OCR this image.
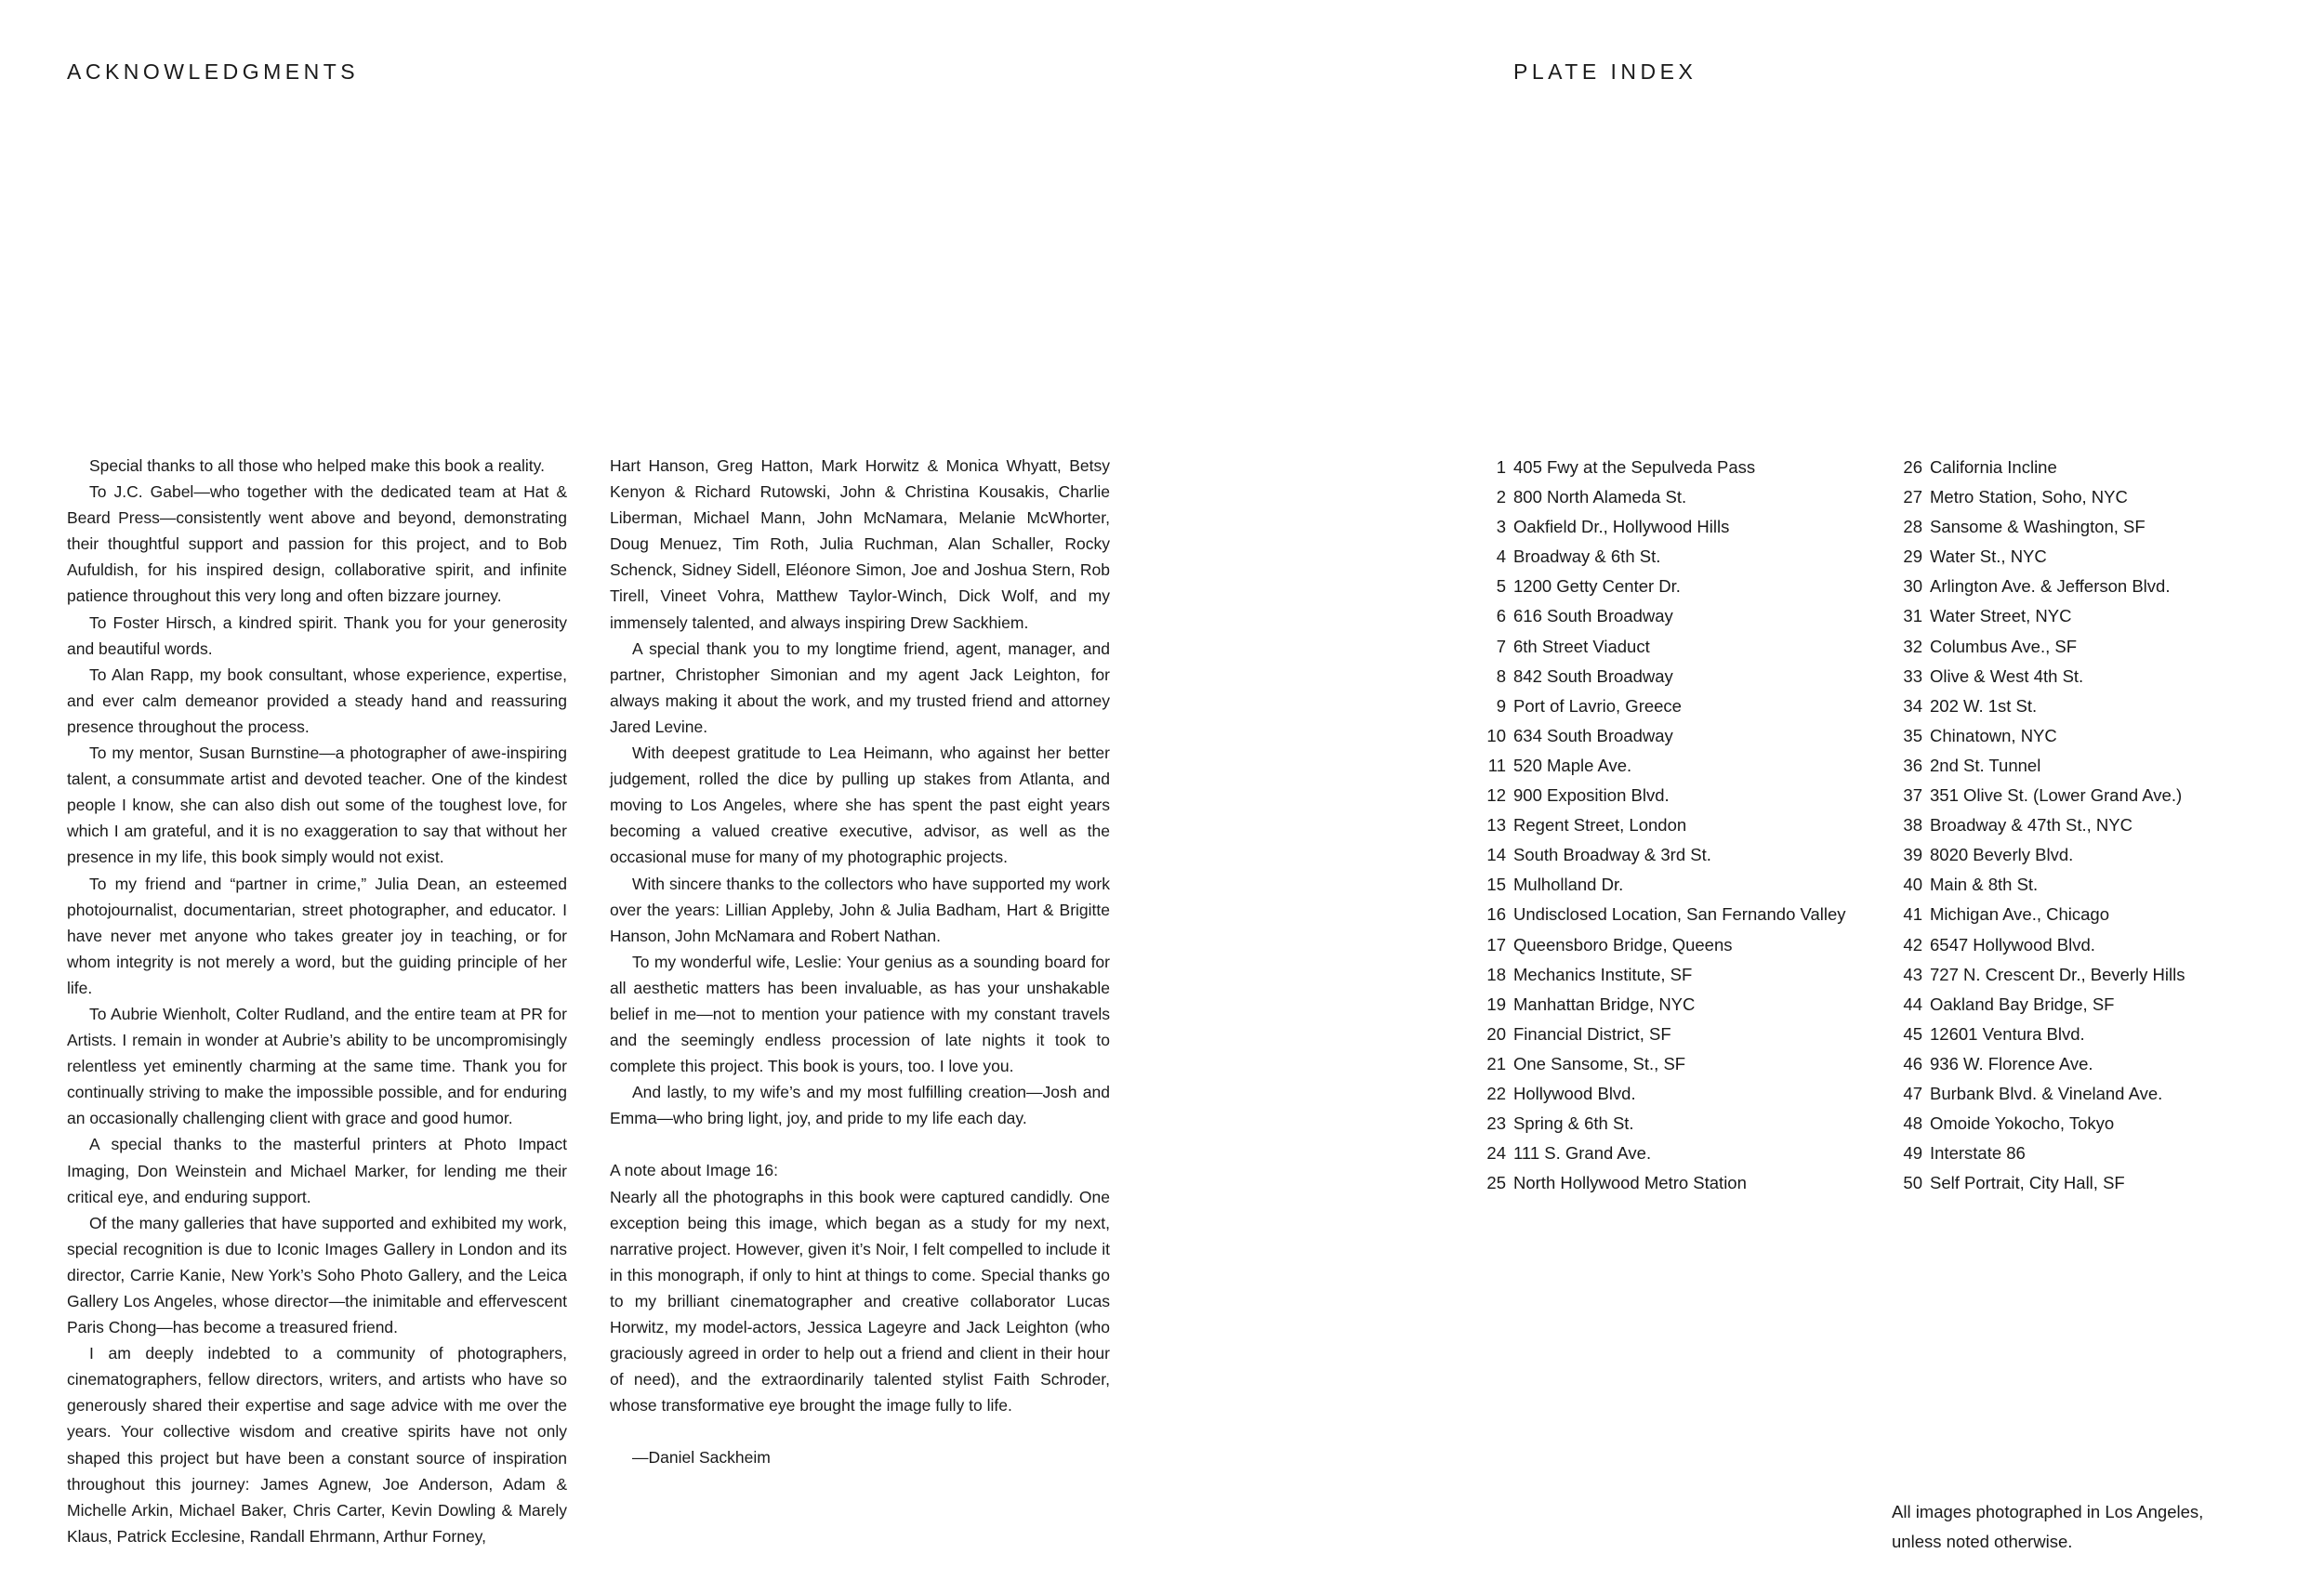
ACKNOWLEDGMENTS	PLATE INDEX

Special thanks to all those who helped make this book a reality.

To J.C. Gabel—who together with the dedicated team at Hat & Beard Press—consistently went above and beyond, demonstrating their thoughtful support and passion for this project, and to Bob Aufuldish, for his inspired design, collaborative spirit, and infinite patience throughout this very long and often bizzare journey.

To Foster Hirsch, a kindred spirit. Thank you for your generosity and beautiful words.

To Alan Rapp, my book consultant, whose experience, expertise, and ever calm demeanor provided a steady hand and reassuring presence throughout the process.

To my mentor, Susan Burnstine—a photographer of awe-inspiring talent, a consummate artist and devoted teacher. One of the kindest people I know, she can also dish out some of the toughest love, for which I am grateful, and it is no exaggeration to say that without her presence in my life, this book simply would not exist.

To my friend and “partner in crime,” Julia Dean, an esteemed photojournalist, documentarian, street photographer, and educator. I have never met anyone who takes greater joy in teaching, or for whom integrity is not merely a word, but the guiding principle of her life.

To Aubrie Wienholt, Colter Rudland, and the entire team at PR for Artists. I remain in wonder at Aubrie’s ability to be uncompromisingly relentless yet eminently charming at the same time. Thank you for continually striving to make the impossible possible, and for enduring an occasionally challenging client with grace and good humor.

A special thanks to the masterful printers at Photo Impact Imaging, Don Weinstein and Michael Marker, for lending me their critical eye, and enduring support.

Of the many galleries that have supported and exhibited my work, special recognition is due to Iconic Images Gallery in London and its director, Carrie Kanie, New York’s Soho Photo Gallery, and the Leica Gallery Los Angeles, whose director—the inimitable and effervescent Paris Chong—has become a treasured friend.

I am deeply indebted to a community of photographers, cinematographers, fellow directors, writers, and artists who have so generously shared their expertise and sage advice with me over the years. Your collective wisdom and creative spirits have not only shaped this project but have been a constant source of inspiration throughout this journey: James Agnew, Joe Anderson, Adam & Michelle Arkin, Michael Baker, Chris Carter, Kevin Dowling & Marely Klaus, Patrick Ecclesine, Randall Ehrmann, Arthur Forney,

Hart Hanson, Greg Hatton, Mark Horwitz & Monica Whyatt, Betsy Kenyon & Richard Rutowski, John & Christina Kousakis, Charlie Liberman, Michael Mann, John McNamara, Melanie McWhorter, Doug Menuez, Tim Roth, Julia Ruchman, Alan Schaller, Rocky Schenck, Sidney Sidell, Eléonore Simon, Joe and Joshua Stern, Rob Tirell, Vineet Vohra, Matthew Taylor-Winch, Dick Wolf, and my immensely talented, and always inspiring Drew Sackhiem.

A special thank you to my longtime friend, agent, manager, and partner, Christopher Simonian and my agent Jack Leighton, for always making it about the work, and my trusted friend and attorney Jared Levine.

With deepest gratitude to Lea Heimann, who against her better judgement, rolled the dice by pulling up stakes from Atlanta, and moving to Los Angeles, where she has spent the past eight years becoming a valued creative executive, advisor, as well as the occasional muse for many of my photographic projects.

With sincere thanks to the collectors who have supported my work over the years: Lillian Appleby, John & Julia Badham, Hart & Brigitte Hanson, John McNamara and Robert Nathan.

To my wonderful wife, Leslie: Your genius as a sounding board for all aesthetic matters has been invaluable, as has your unshakable belief in me—not to mention your patience with my constant travels and the seemingly endless procession of late nights it took to complete this project. This book is yours, too. I love you.

And lastly, to my wife’s and my most fulfilling creation—Josh and Emma—who bring light, joy, and pride to my life each day.

A note about Image 16:

Nearly all the photographs in this book were captured candidly. One exception being this image, which began as a study for my next, narrative project. However, given it’s Noir, I felt compelled to include it in this monograph, if only to hint at things to come. Special thanks go to my brilliant cinematographer and creative collaborator Lucas Horwitz, my model-actors, Jessica Lageyre and Jack Leighton (who graciously agreed in order to help out a friend and client in their hour of need), and the extraordinarily talented stylist Faith Schroder, whose transformative eye brought the image fully to life.

—Daniel Sackheim

1 405 Fwy at the Sepulveda Pass
2 800 North Alameda St.
3 Oakfield Dr., Hollywood Hills
4 Broadway & 6th St.
5 1200 Getty Center Dr.
6 616 South Broadway
7 6th Street Viaduct
8 842 South Broadway
9 Port of Lavrio, Greece
10 634 South Broadway
11 520 Maple Ave.
12 900 Exposition Blvd.
13 Regent Street, London
14 South Broadway & 3rd St.
15 Mulholland Dr.
16 Undisclosed Location, San Fernando Valley
17 Queensboro Bridge, Queens
18 Mechanics Institute, SF
19 Manhattan Bridge, NYC
20 Financial District, SF
21 One Sansome, St., SF
22 Hollywood Blvd.
23 Spring & 6th St.
24 111 S. Grand Ave.
25 North Hollywood Metro Station
26 California Incline
27 Metro Station, Soho, NYC
28 Sansome & Washington, SF
29 Water St., NYC
30 Arlington Ave. & Jefferson Blvd.
31 Water Street, NYC
32 Columbus Ave., SF
33 Olive & West 4th St.
34 202 W. 1st St.
35 Chinatown, NYC
36 2nd St. Tunnel
37 351 Olive St. (Lower Grand Ave.)
38 Broadway & 47th St., NYC
39 8020 Beverly Blvd.
40 Main & 8th St.
41 Michigan Ave., Chicago
42 6547 Hollywood Blvd.
43 727 N. Crescent Dr., Beverly Hills
44 Oakland Bay Bridge, SF
45 12601 Ventura Blvd.
46 936 W. Florence Ave.
47 Burbank Blvd. & Vineland Ave.
48 Omoide Yokocho, Tokyo
49 Interstate 86
50 Self Portrait, City Hall, SF

All images photographed in Los Angeles,
unless noted otherwise.
